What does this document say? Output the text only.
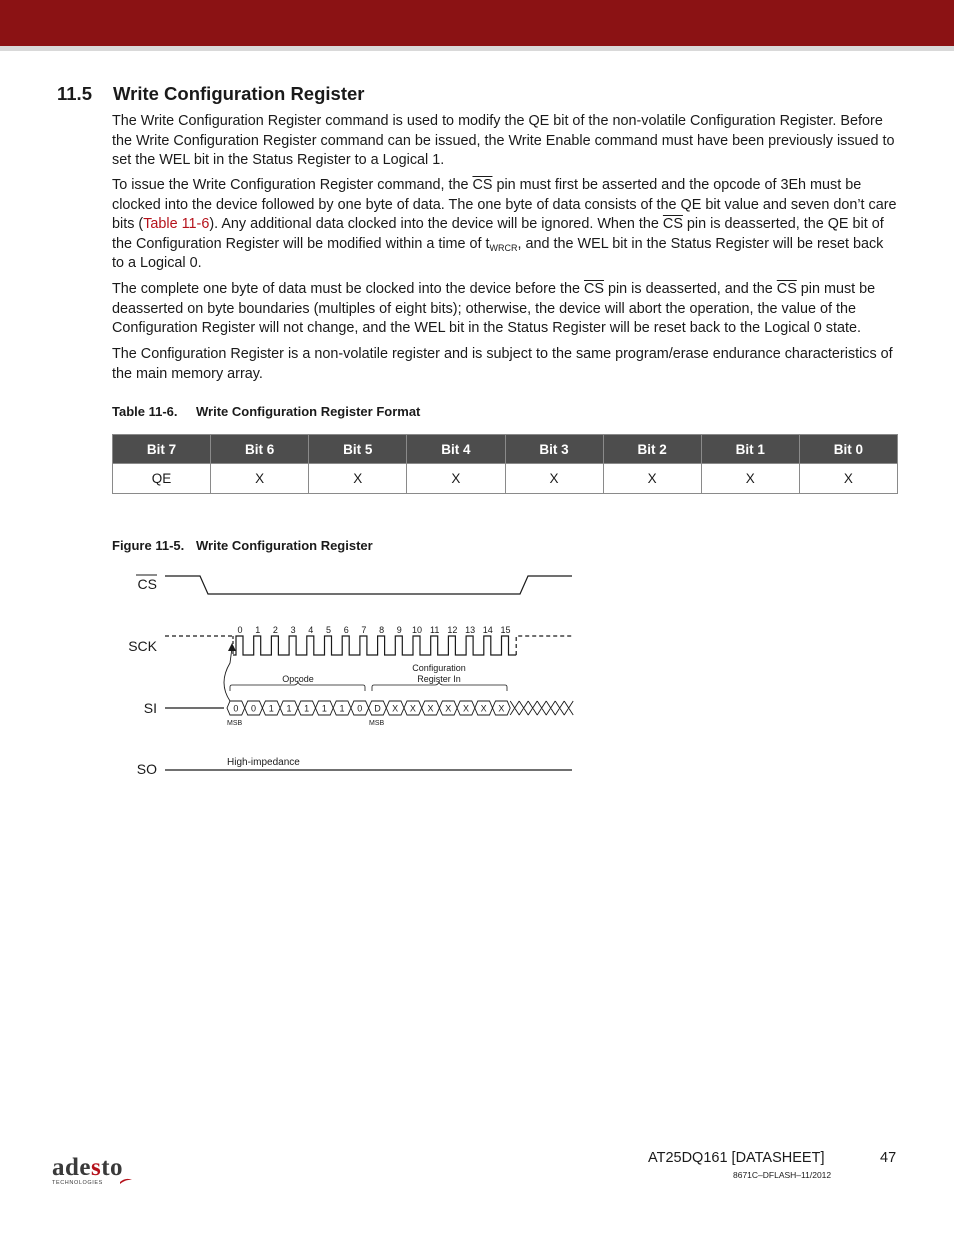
11.5 Write Configuration Register

The Write Configuration Register command is used to modify the QE bit of the non-volatile Configuration Register. Before the Write Configuration Register command can be issued, the Write Enable command must have been previously issued to set the WEL bit in the Status Register to a Logical 1.

To issue the Write Configuration Register command, the $\overline{CS}$ pin must first be asserted and the opcode of 3Eh must be clocked into the device followed by one byte of data. The one byte of data consists of the QE bit value and seven don’t care bits (Table 11-6). Any additional data clocked into the device will be ignored. When the $\overline{CS}$ pin is deasserted, the QE bit of the Configuration Register will be modified within a time of $t_{WRCR}$, and the WEL bit in the Status Register will be reset back to a Logical 0.

The complete one byte of data must be clocked into the device before the $\overline{CS}$ pin is deasserted, and the $\overline{CS}$ pin must be deasserted on byte boundaries (multiples of eight bits); otherwise, the device will abort the operation, the value of the Configuration Register will not change, and the WEL bit in the Status Register will be reset back to the Logical 0 state.

The Configuration Register is a non-volatile register and is subject to the same program/erase endurance characteristics of the main memory array.

Table 11-6. Write Configuration Register Format

Bit 7	Bit 6	Bit 5	Bit 4	Bit 3	Bit 2	Bit 1	Bit 0
QE	X	X	X	X	X	X	X

Figure 11-5. Write Configuration Register

CS
SCK
SI
SO
0 1 2 3 4 5 6 7 8 9 10 11 12 13 14 15
0 0 1 1 1 1 1 0 D X X X X X X X
Opcode
Configuration
Register In
MSB	MSB
High-impedance
adesto
TECHNOLOGIES

AT25DQ161 [DATASHEET]	47

8671C–DFLASH–11/2012
